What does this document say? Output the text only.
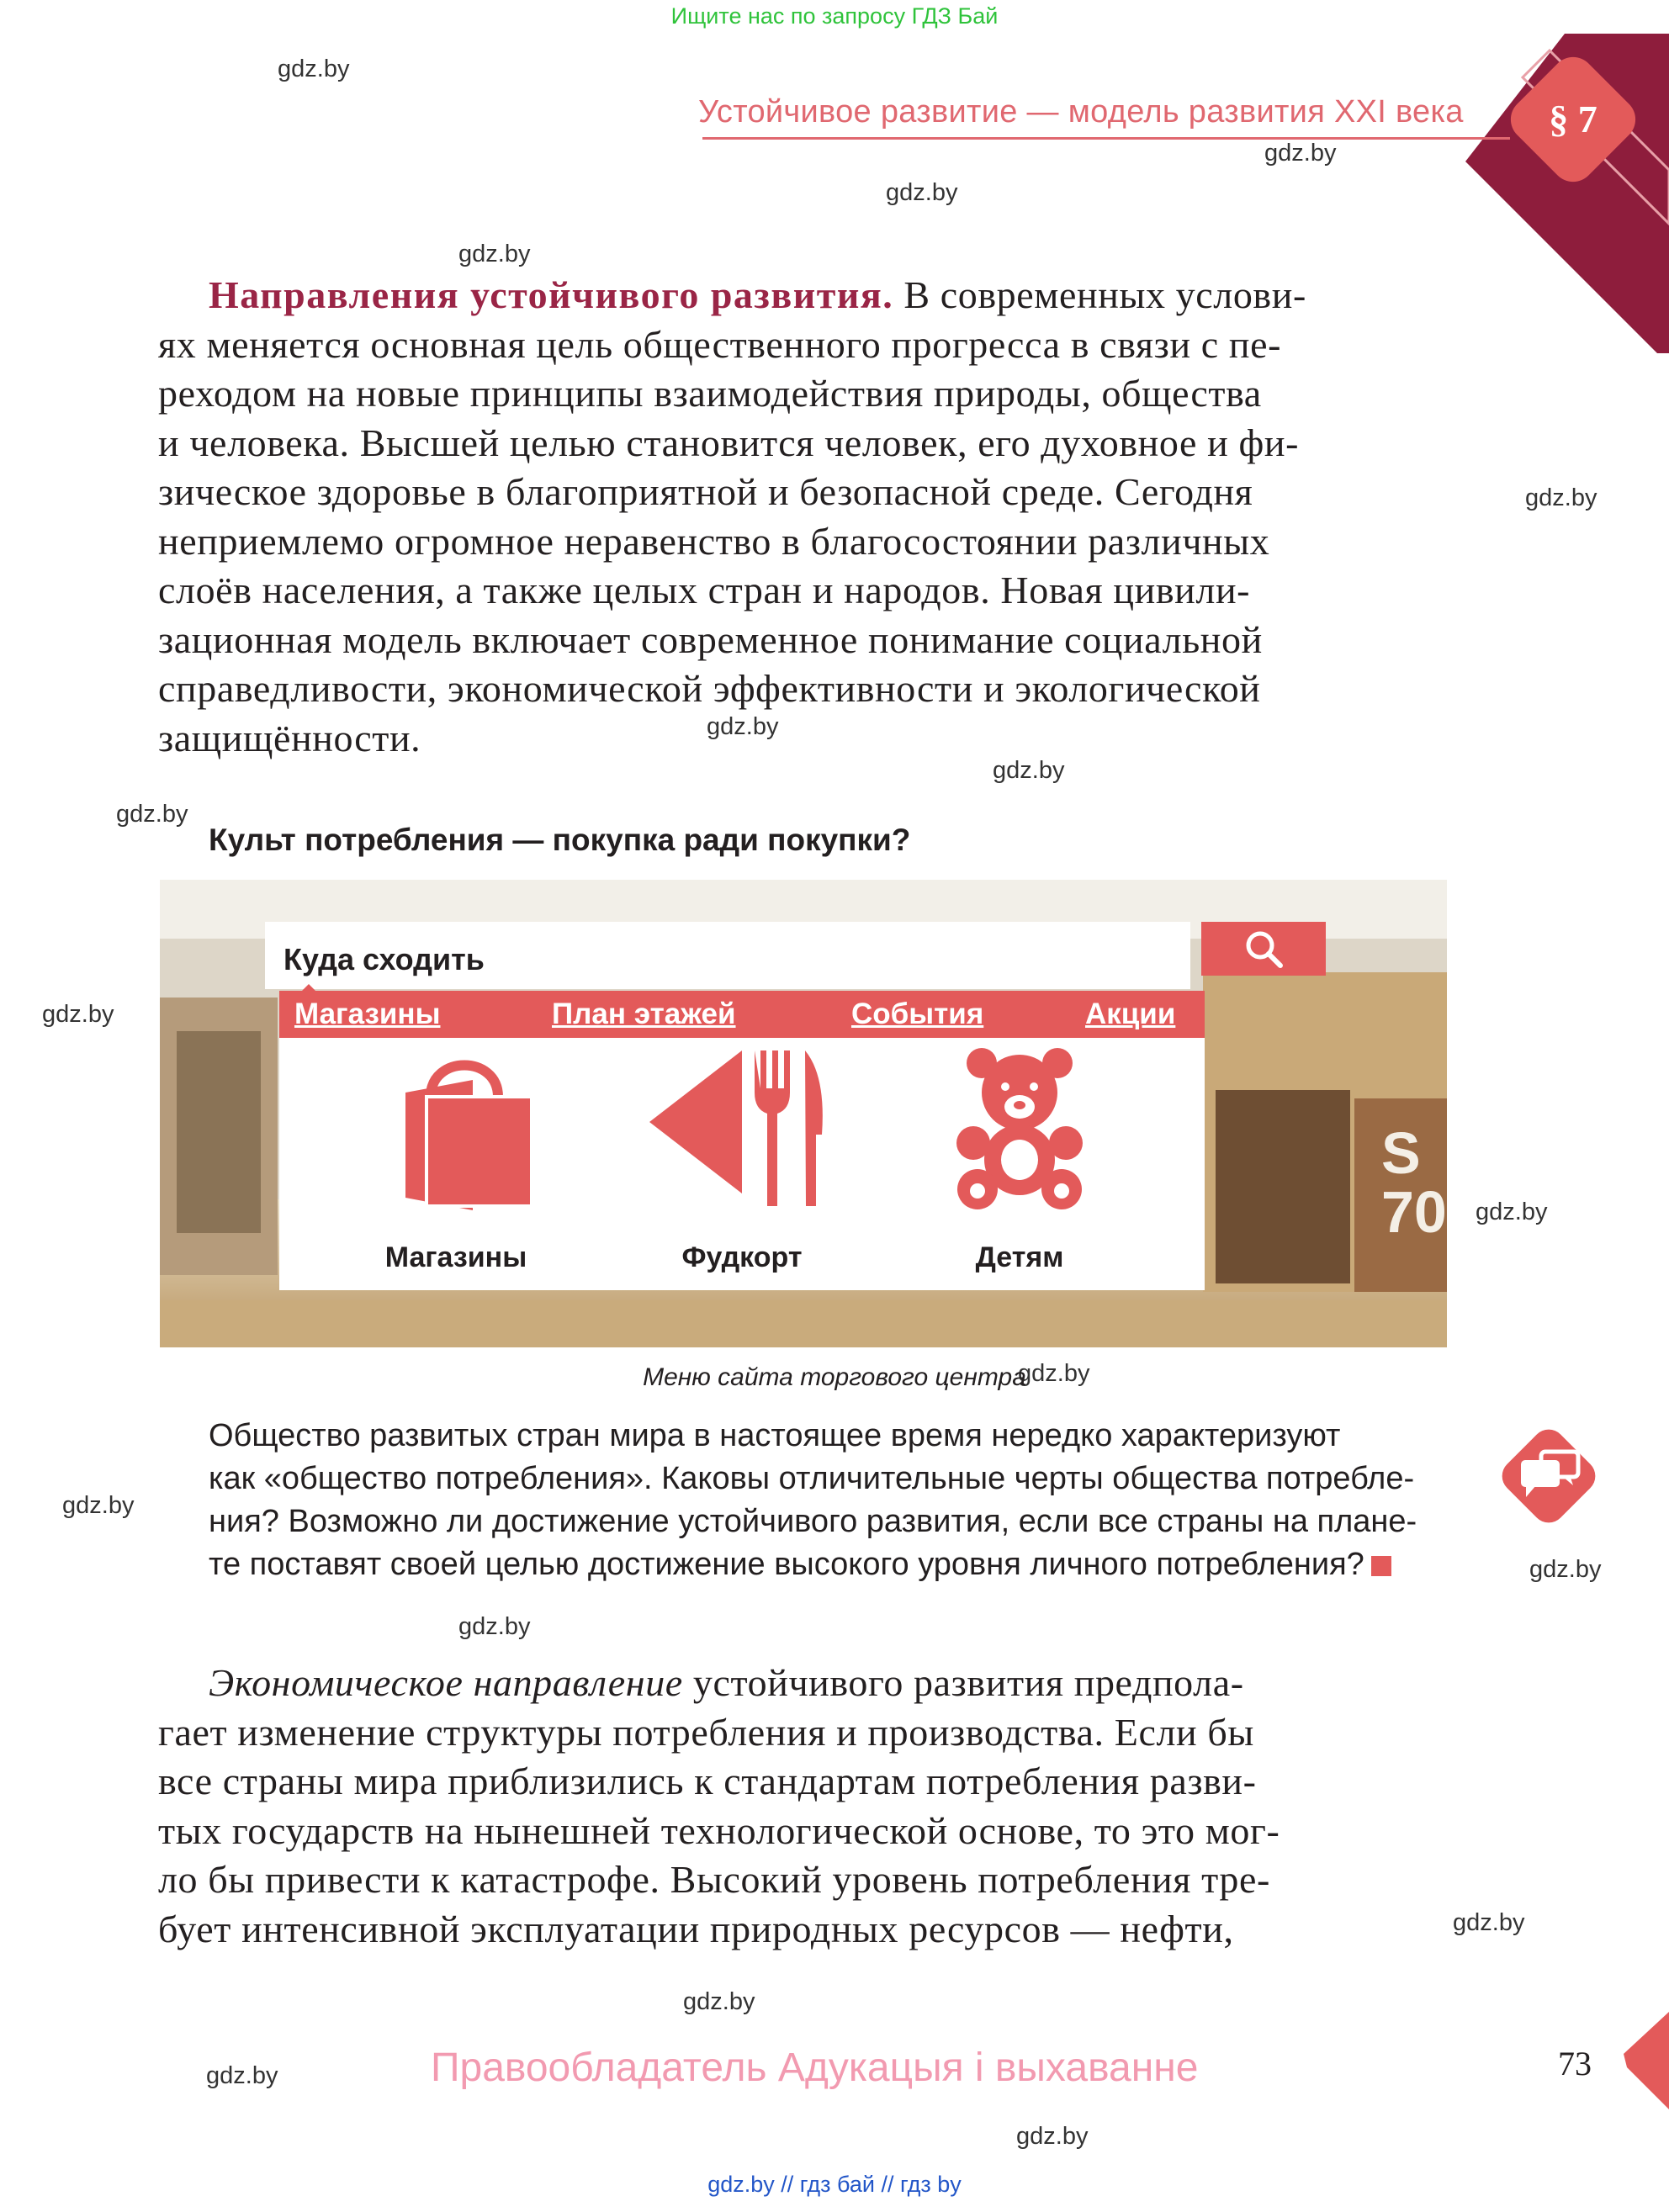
Ищите нас по запросу ГДЗ Бай
§ 7
Устойчивое развитие — модель развития XXI века
gdz.by
gdz.by
gdz.by
gdz.by
gdz.by
gdz.by
gdz.by
gdz.by
gdz.by
gdz.by
gdz.by
gdz.by
gdz.by
gdz.by
gdz.by
gdz.by
gdz.by
gdz.by
Направления устойчивого развития. В современных услови-
ях меняется основная цель общественного прогресса в связи с пе-
реходом на новые принципы взаимодействия природы, общества
и человека. Высшей целью становится человек, его духовное и фи-
зическое здоровье в благоприятной и безопасной среде. Сегодня
неприемлемо огромное неравенство в благосостоянии различных
слоёв населения, а также целых стран и народов. Новая цивили-
зационная модель включает современное понимание социальной
справедливости, экономической эффективности и экологической
защищённости.
Культ потребления — покупка ради покупки?
S 70
Куда сходить
Магазины	План этажей	События	Акции
Магазины	Фудкорт	Детям
Меню сайта торгового центра
Общество развитых стран мира в настоящее время нередко характеризуют
как «общество потребления». Каковы отличительные черты общества потребле-
ния? Возможно ли достижение устойчивого развития, если все страны на плане-
те поставят своей целью достижение высокого уровня личного потребления?
Экономическое направление устойчивого развития предпола-
гает изменение структуры потребления и производства. Если бы
все страны мира приблизились к стандартам потребления разви-
тых государств на нынешней технологической основе, то это мог-
ло бы привести к катастрофе. Высокий уровень потребления тре-
бует интенсивной эксплуатации природных ресурсов — нефти,
Правообладатель Адукацыя і выхаванне	73
gdz.by // гдз бай // гдз by
